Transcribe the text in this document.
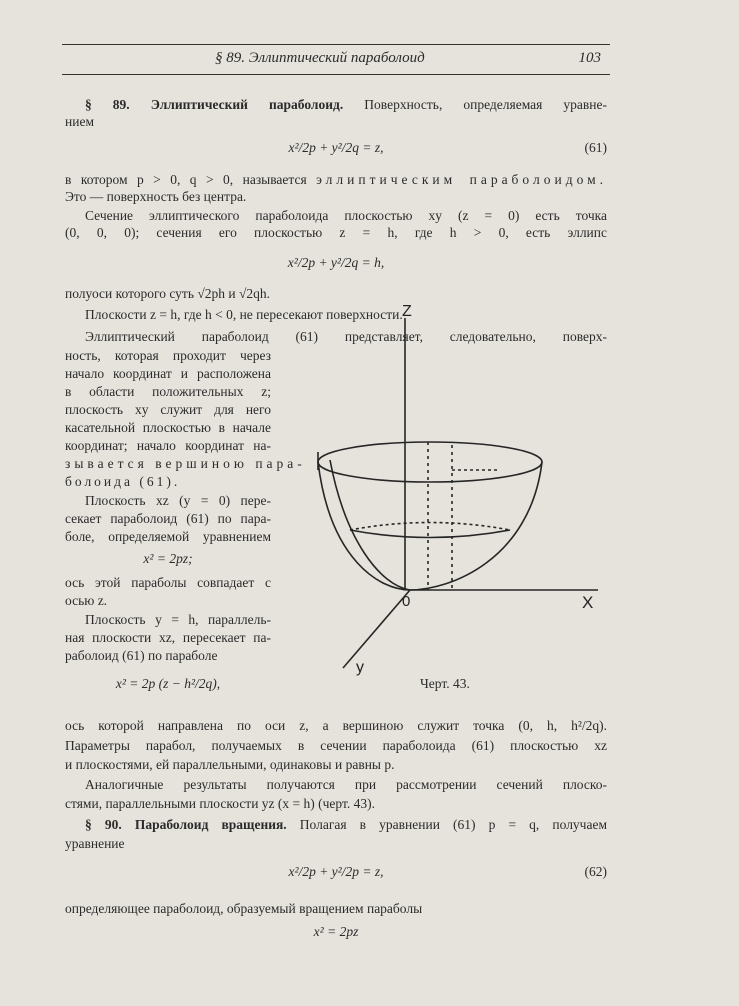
§ 89. Эллиптический параболоид	103
§ 89. Эллиптический параболоид. Поверхность, определяемая уравне-
нием
x²/2p + y²/2q = z,	(61)
в котором p > 0, q > 0, называется эллиптическим параболоидом.
Это — поверхность без центра.
Сечение эллиптического параболоида плоскостью xy (z = 0) есть точка
(0, 0, 0); сечения его плоскостью z = h, где h > 0, есть эллипс
x²/2p + y²/2q = h,
полуоси которого суть √2ph и √2qh.
Плоскости z = h, где h < 0, не пересекают поверхности.
Эллиптический параболоид (61) представляет, следовательно, поверх-
ность, которая проходит через
начало координат и расположена
в области положительных z;
плоскость xy служит для него
касательной плоскостью в начале
координат; начало координат на-
зывается вершиною пара-
болоида (61).
Плоскость xz (y = 0) пере-
секает параболоид (61) по пара-
боле, определяемой уравнением
x² = 2pz;
ось этой параболы совпадает с
осью z.
Плоскость y = h, параллель-
ная плоскости xz, пересекает па-
раболоид (61) по параболе
x² = 2p (z − h²/2q),
Z
0	X
y
Черт. 43.
ось которой направлена по оси z, а вершиною служит точка (0, h, h²/2q).
Параметры парабол, получаемых в сечении параболоида (61) плоскостью xz
и плоскостями, ей параллельными, одинаковы и равны p.
Аналогичные результаты получаются при рассмотрении сечений плоско-
стями, параллельными плоскости yz (x = h) (черт. 43).
§ 90. Параболоид вращения. Полагая в уравнении (61) p = q, получаем
уравнение
x²/2p + y²/2p = z,	(62)
определяющее параболоид, образуемый вращением параболы
x² = 2pz
